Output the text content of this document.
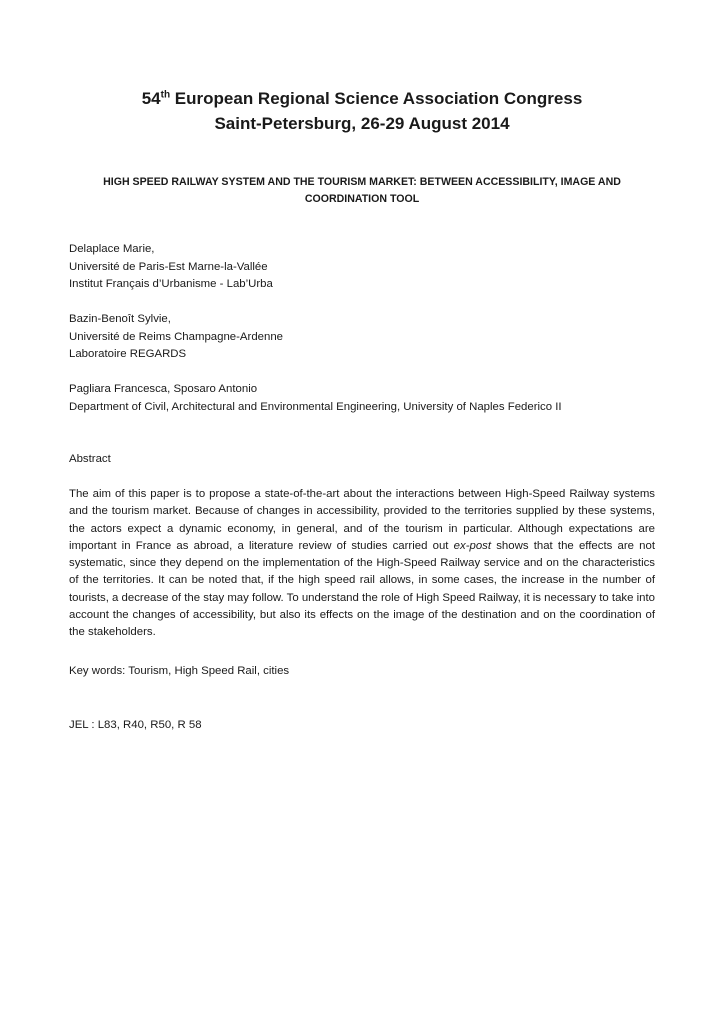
54th European Regional Science Association Congress
Saint-Petersburg, 26-29 August 2014
HIGH SPEED RAILWAY SYSTEM AND THE TOURISM MARKET: BETWEEN ACCESSIBILITY, IMAGE AND COORDINATION TOOL
Delaplace Marie,
Université de Paris-Est Marne-la-Vallée
Institut Français d’Urbanisme - Lab’Urba
Bazin-Benoît Sylvie,
Université de Reims Champagne-Ardenne
Laboratoire REGARDS
Pagliara Francesca, Sposaro Antonio
Department of Civil, Architectural and Environmental Engineering, University of Naples Federico II

Abstract

The aim of this paper is to propose a state-of-the-art about the interactions between High-Speed Railway systems and the tourism market. Because of changes in accessibility, provided to the territories supplied by these systems, the actors expect a dynamic economy, in general, and of the tourism in particular. Although expectations are important in France as abroad, a literature review of studies carried out ex-post shows that the effects are not systematic, since they depend on the implementation of the High-Speed Railway service and on the characteristics of the territories. It can be noted that, if the high speed rail allows, in some cases, the increase in the number of tourists, a decrease of the stay may follow. To understand the role of High Speed Railway, it is necessary to take into account the changes of accessibility, but also its effects on the image of the destination and on the coordination of the stakeholders.

Key words: Tourism, High Speed Rail, cities

JEL : L83, R40, R50, R 58
